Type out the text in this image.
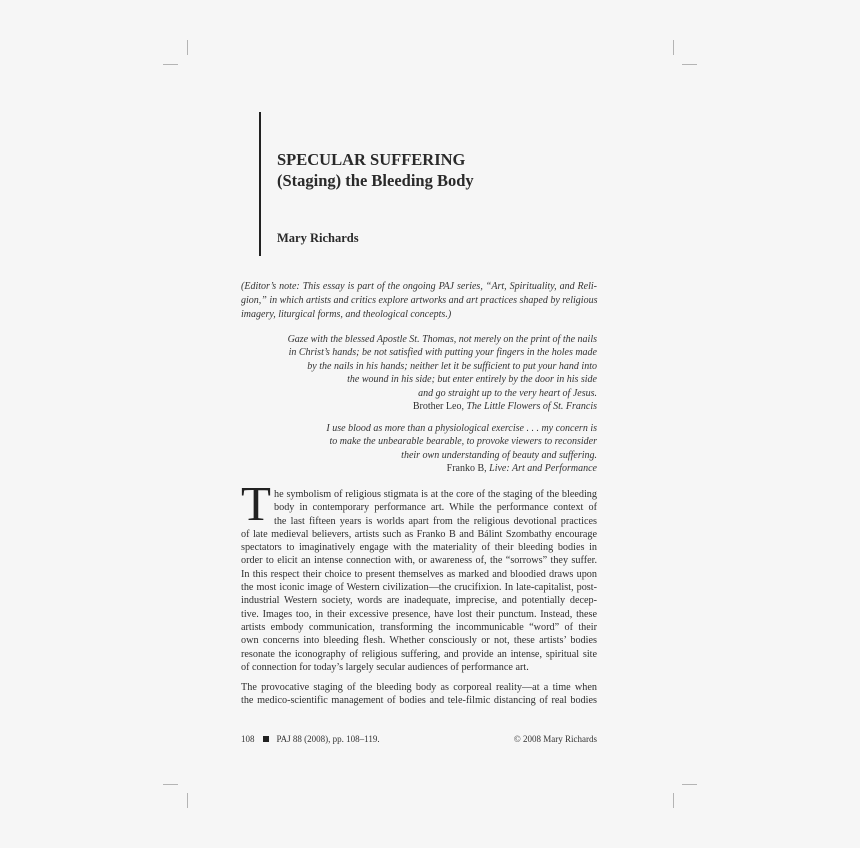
SPECULAR SUFFERING
(Staging) the Bleeding Body

Mary Richards

(Editor’s note: This essay is part of the ongoing PAJ series, “Art, Spirituality, and Reli-
gion,” in which artists and critics explore artworks and art practices shaped by religious
imagery, liturgical forms, and theological concepts.)
Gaze with the blessed Apostle St. Thomas, not merely on the print of the nails
in Christ’s hands; be not satisfied with putting your fingers in the holes made
by the nails in his hands; neither let it be sufficient to put your hand into
the wound in his side; but enter entirely by the door in his side
and go straight up to the very heart of Jesus.
Brother Leo, The Little Flowers of St. Francis
I use blood as more than a physiological exercise . . . my concern is
to make the unbearable bearable, to provoke viewers to reconsider
their own understanding of beauty and suffering.
Franko B, Live: Art and Performance
T he symbolism of religious stigmata is at the core of the staging of the bleeding
body in contemporary performance art. While the performance context of
the last fifteen years is worlds apart from the religious devotional practices
of late medieval believers, artists such as Franko B and Bálint Szombathy encourage
spectators to imaginatively engage with the materiality of their bleeding bodies in
order to elicit an intense connection with, or awareness of, the “sorrows” they suffer.
In this respect their choice to present themselves as marked and bloodied draws upon
the most iconic image of Western civilization—the crucifixion. In late-capitalist, post-
industrial Western society, words are inadequate, imprecise, and potentially decep-
tive. Images too, in their excessive presence, have lost their punctum. Instead, these
artists embody communication, transforming the incommunicable “word” of their
own concerns into bleeding flesh. Whether consciously or not, these artists’ bodies
resonate the iconography of religious suffering, and provide an intense, spiritual site
of connection for today’s largely secular audiences of performance art.
The provocative staging of the bleeding body as corporeal reality—at a time when
the medico-scientific management of bodies and tele-filmic distancing of real bodies
108 PAJ 88 (2008), pp. 108–119.	© 2008 Mary Richards
